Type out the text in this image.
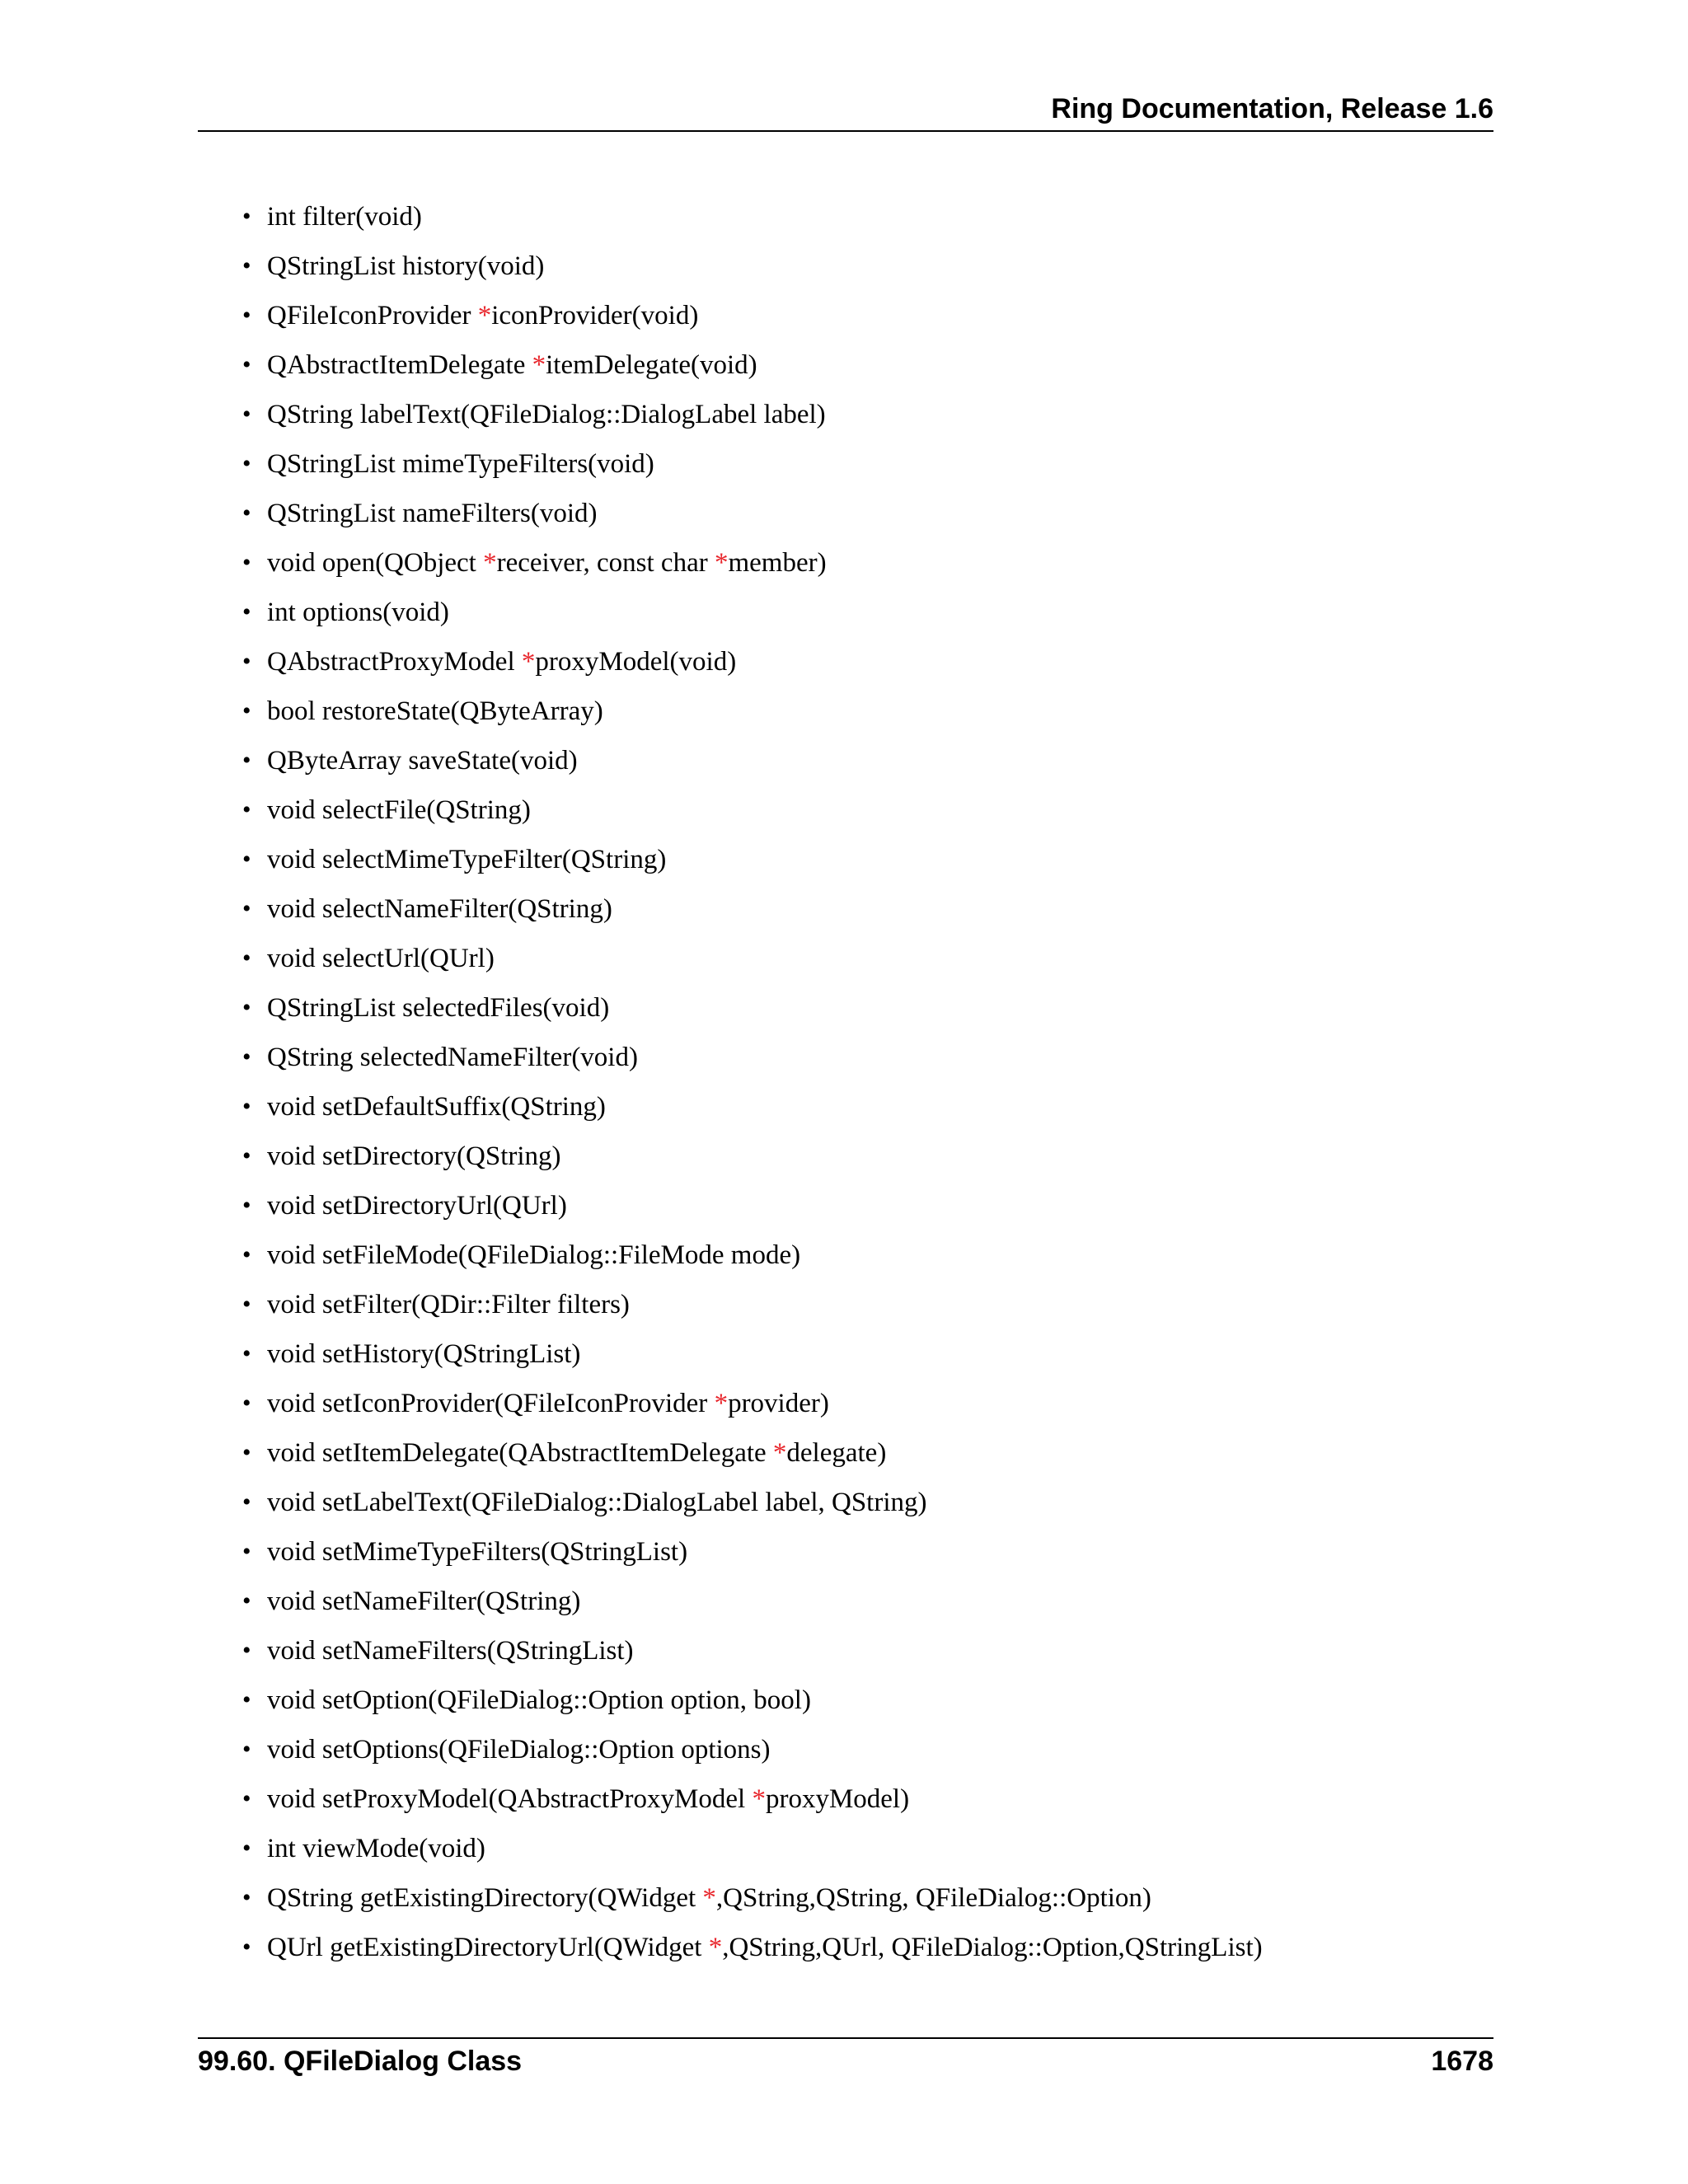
Ring Documentation, Release 1.6
• int filter(void)
• QStringList history(void)
• QFileIconProvider *iconProvider(void)
• QAbstractItemDelegate *itemDelegate(void)
• QString labelText(QFileDialog::DialogLabel label)
• QStringList mimeTypeFilters(void)
• QStringList nameFilters(void)
• void open(QObject *receiver, const char *member)
• int options(void)
• QAbstractProxyModel *proxyModel(void)
• bool restoreState(QByteArray)
• QByteArray saveState(void)
• void selectFile(QString)
• void selectMimeTypeFilter(QString)
• void selectNameFilter(QString)
• void selectUrl(QUrl)
• QStringList selectedFiles(void)
• QString selectedNameFilter(void)
• void setDefaultSuffix(QString)
• void setDirectory(QString)
• void setDirectoryUrl(QUrl)
• void setFileMode(QFileDialog::FileMode mode)
• void setFilter(QDir::Filter filters)
• void setHistory(QStringList)
• void setIconProvider(QFileIconProvider *provider)
• void setItemDelegate(QAbstractItemDelegate *delegate)
• void setLabelText(QFileDialog::DialogLabel label, QString)
• void setMimeTypeFilters(QStringList)
• void setNameFilter(QString)
• void setNameFilters(QStringList)
• void setOption(QFileDialog::Option option, bool)
• void setOptions(QFileDialog::Option options)
• void setProxyModel(QAbstractProxyModel *proxyModel)
• int viewMode(void)
• QString getExistingDirectory(QWidget *,QString,QString, QFileDialog::Option)
• QUrl getExistingDirectoryUrl(QWidget *,QString,QUrl, QFileDialog::Option,QStringList)
99.60. QFileDialog Class	1678
